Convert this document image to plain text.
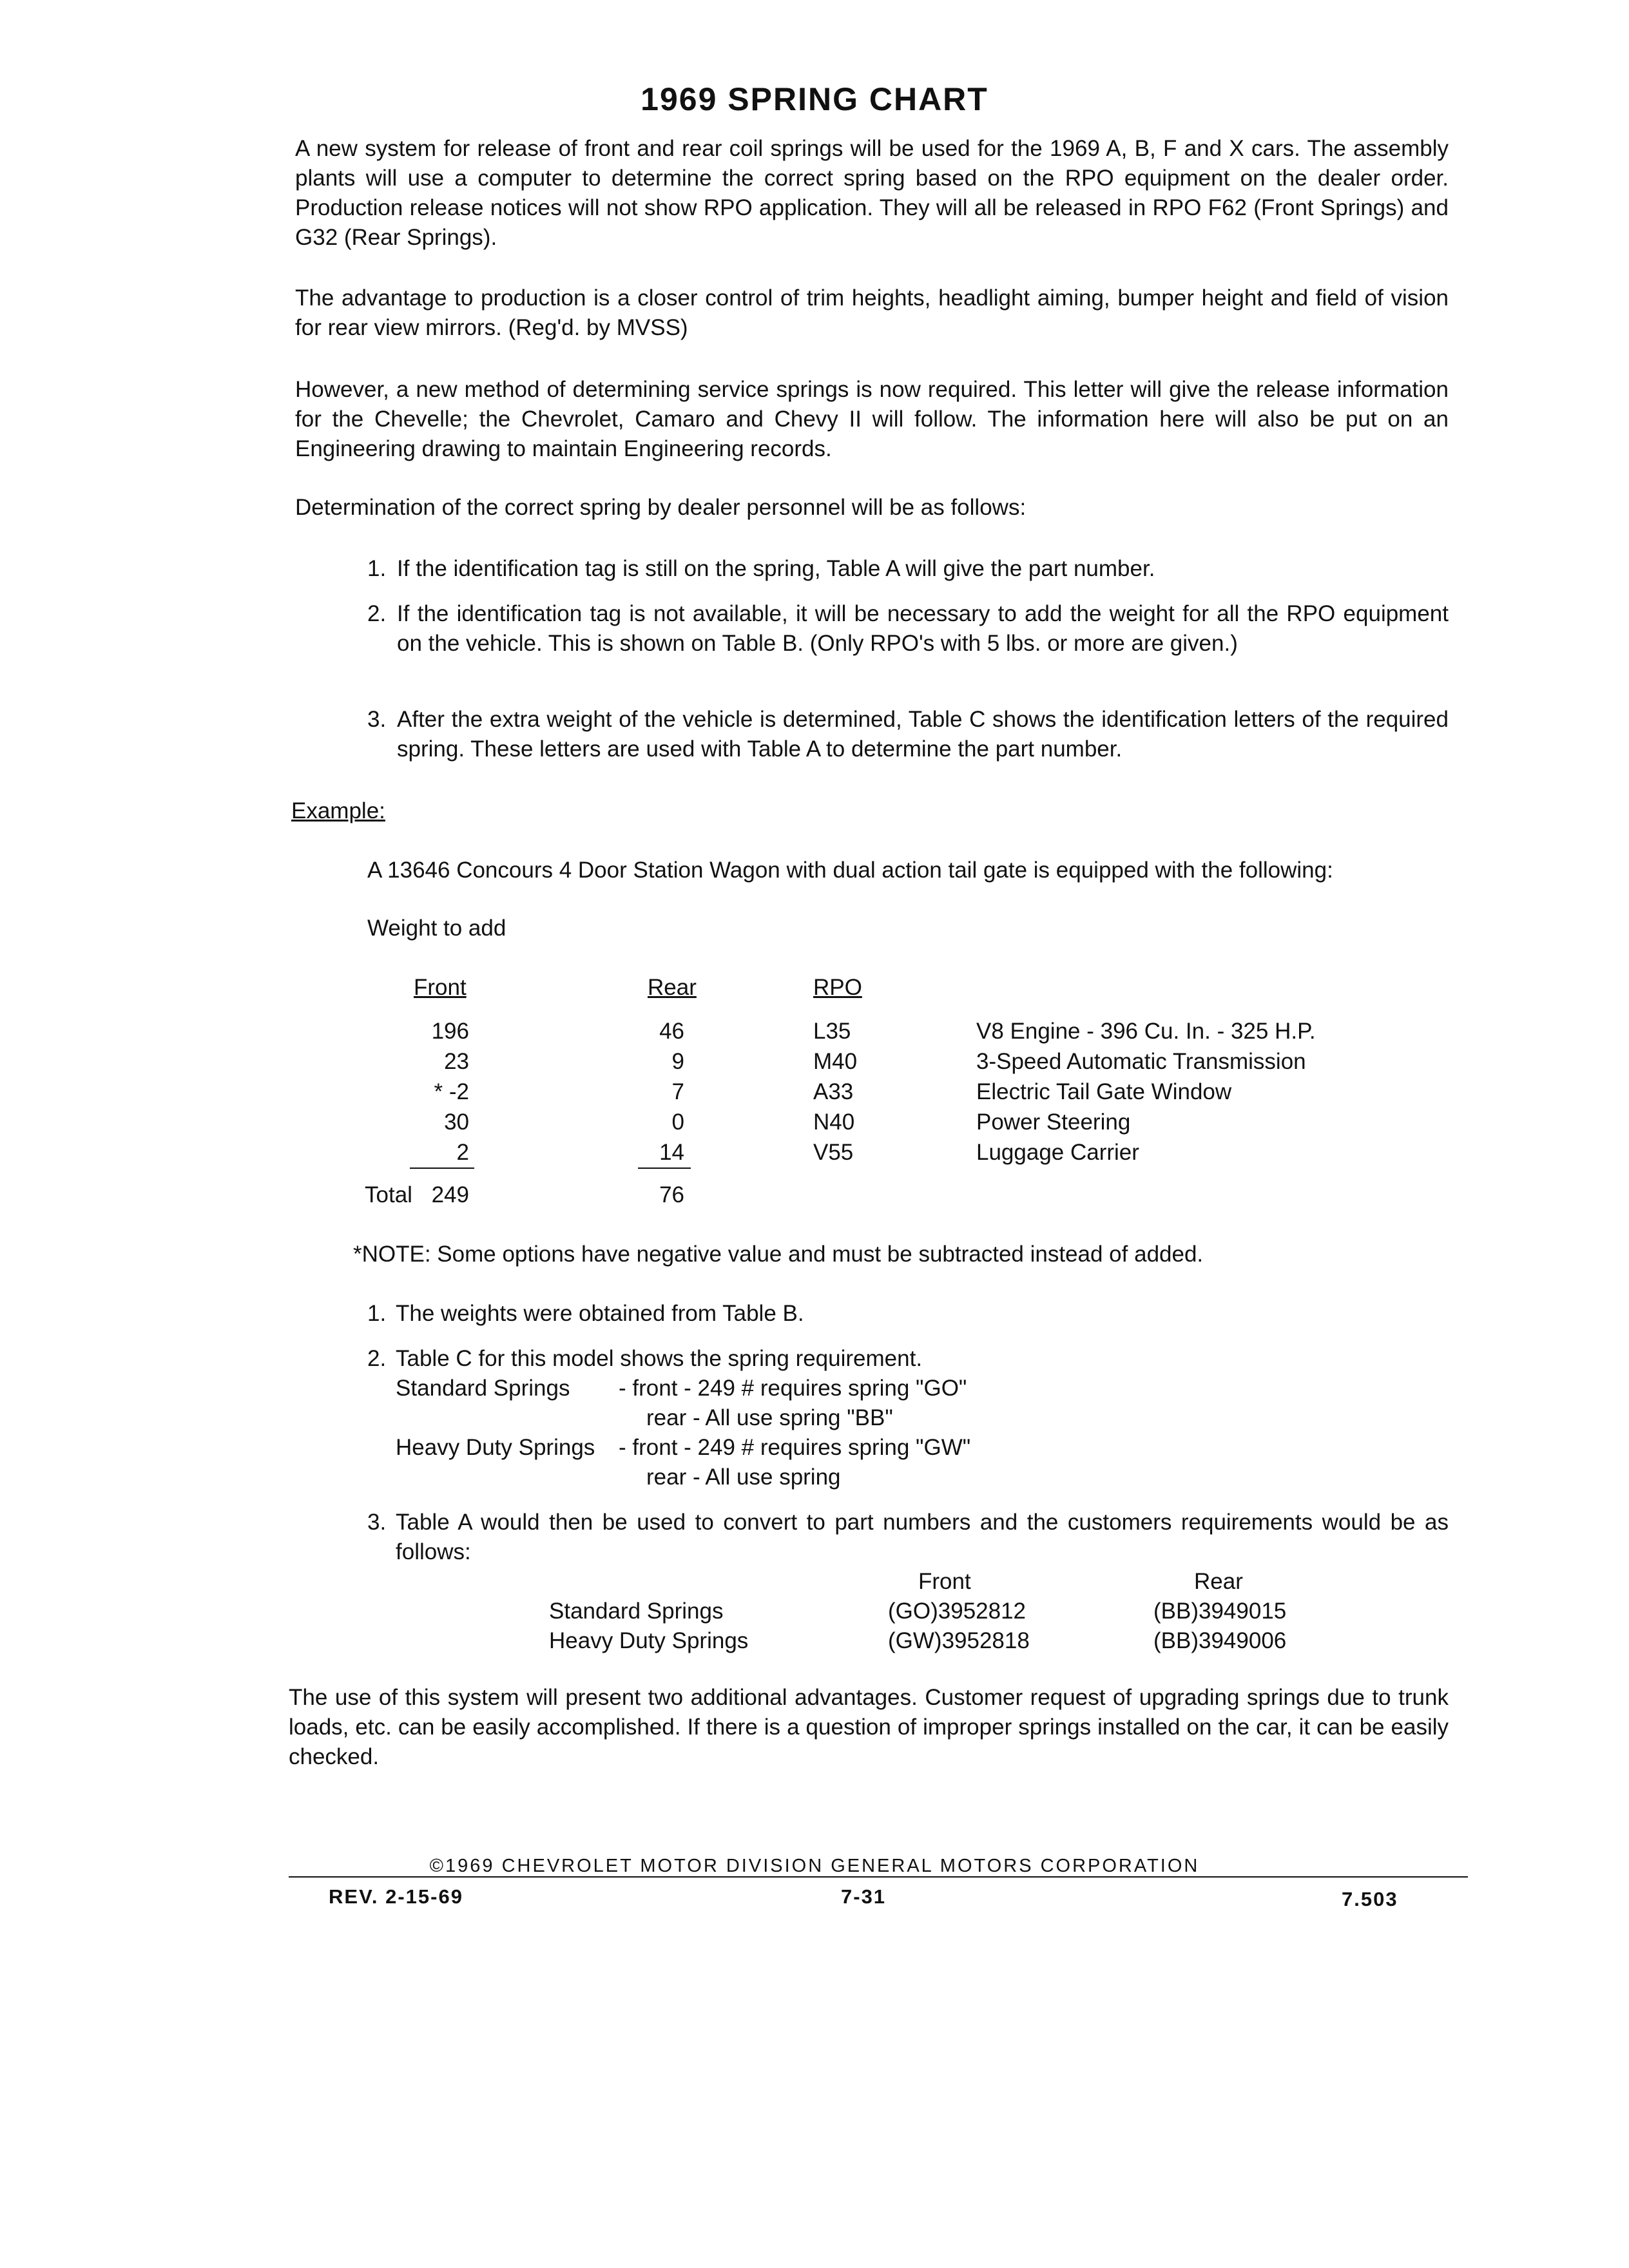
1969 SPRING CHART
A new system for release of front and rear coil springs will be used for the 1969 A, B, F and X cars. The assembly plants will use a computer to determine the correct spring based on the RPO equipment on the dealer order. Production release notices will not show RPO application. They will all be released in RPO F62 (Front Springs) and G32 (Rear Springs).
The advantage to production is a closer control of trim heights, headlight aiming, bumper height and field of vision for rear view mirrors. (Reg'd. by MVSS)
However, a new method of determining service springs is now required. This letter will give the release information for the Chevelle; the Chevrolet, Camaro and Chevy II will follow. The information here will also be put on an Engineering drawing to maintain Engineering records.
Determination of the correct spring by dealer personnel will be as follows:
1. If the identification tag is still on the spring, Table A will give the part number.
2. If the identification tag is not available, it will be necessary to add the weight for all the RPO equipment on the vehicle. This is shown on Table B. (Only RPO's with 5 lbs. or more are given.)
3. After the extra weight of the vehicle is determined, Table C shows the identification letters of the required spring. These letters are used with Table A to determine the part number.
Example:
A 13646 Concours 4 Door Station Wagon with dual action tail gate is equipped with the following:
Weight to add
Front	Rear	RPO
196	46	L35	V8 Engine - 396 Cu. In. - 325 H.P.
23	9	M40	3-Speed Automatic Transmission
* -2	7	A33	Electric Tail Gate Window
30	0	N40	Power Steering
2	14	V55	Luggage Carrier
Total 249	76
*NOTE: Some options have negative value and must be subtracted instead of added.
1. The weights were obtained from Table B.
2. Table C for this model shows the spring requirement.
Standard Springs - front - 249 # requires spring "GO"
rear - All use spring "BB"
Heavy Duty Springs - front - 249 # requires spring "GW"
rear - All use spring
3. Table A would then be used to convert to part numbers and the customers requirements would be as follows:
Front	Rear
Standard Springs	(GO)3952812	(BB)3949015
Heavy Duty Springs	(GW)3952818	(BB)3949006
The use of this system will present two additional advantages. Customer request of upgrading springs due to trunk loads, etc. can be easily accomplished. If there is a question of improper springs installed on the car, it can be easily checked.
©1969 CHEVROLET MOTOR DIVISION GENERAL MOTORS CORPORATION
REV. 2-15-69	7-31	7.503
